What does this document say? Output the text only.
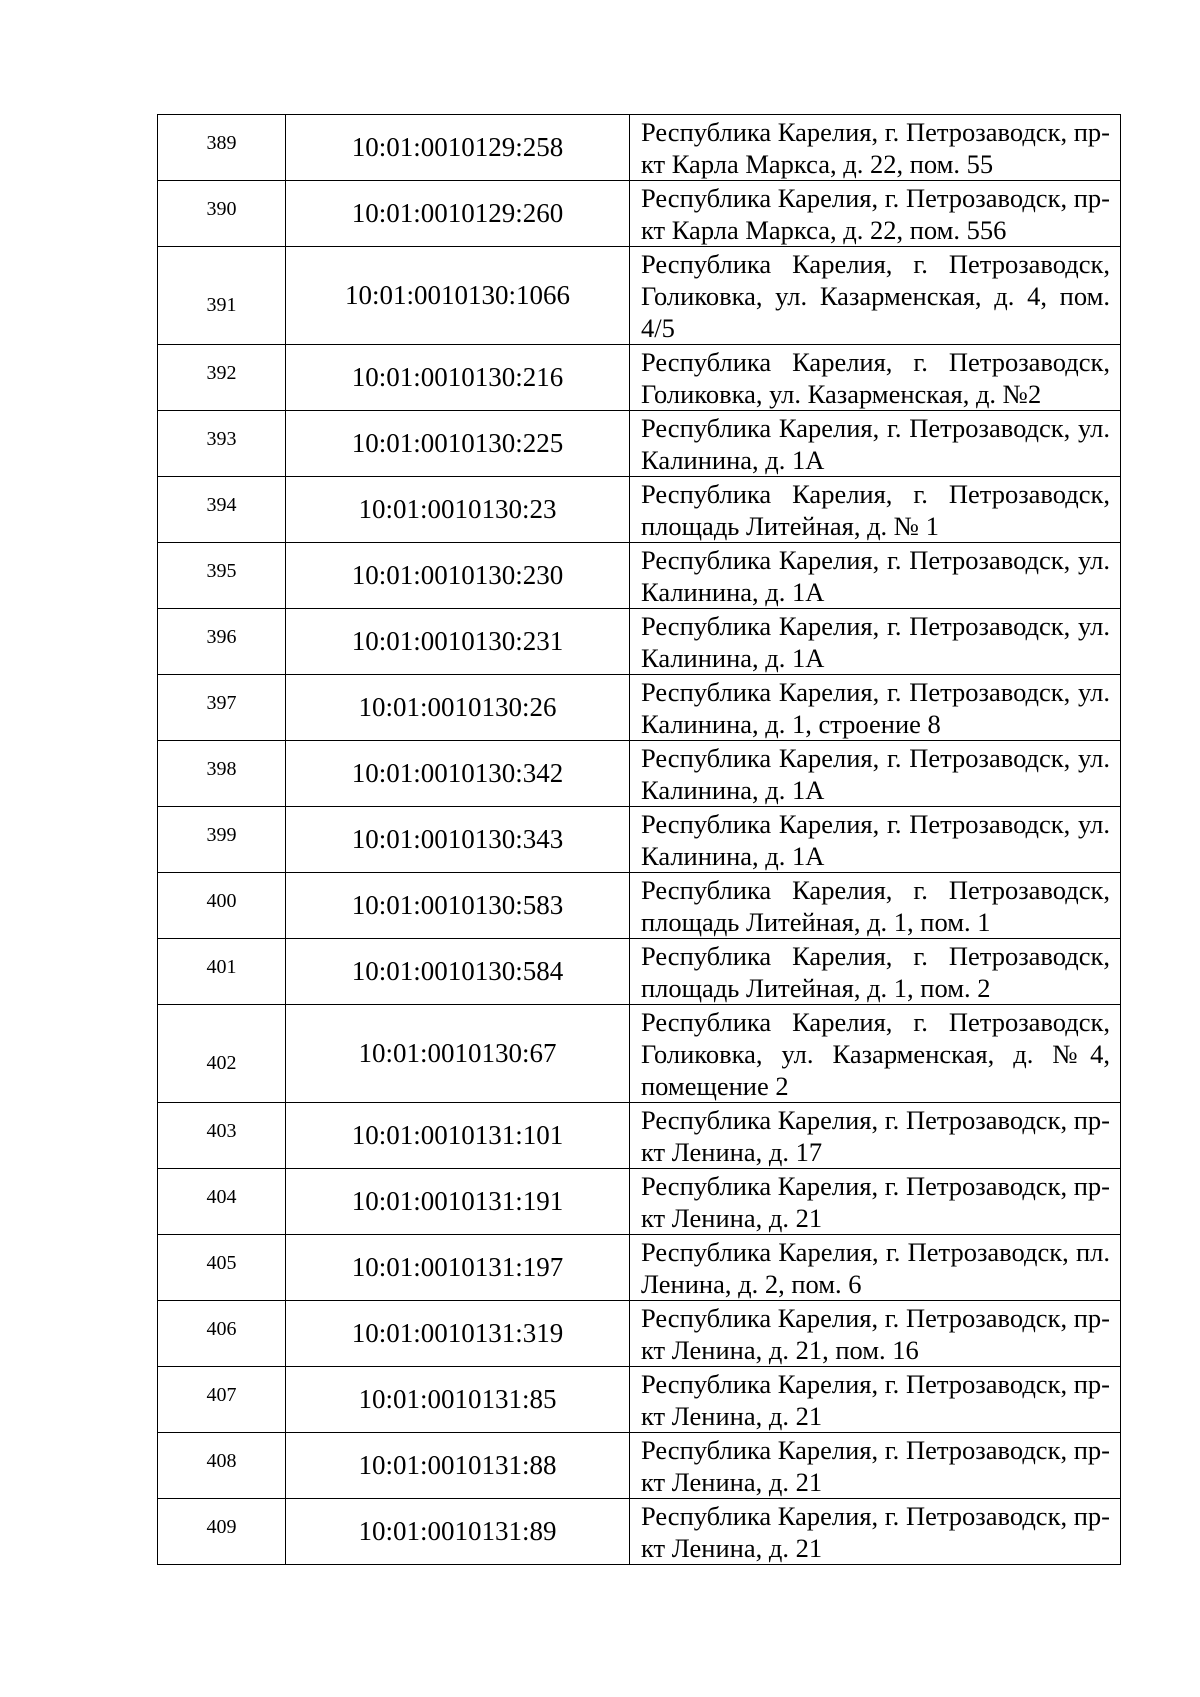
389	10:01:0010129:258	Республика Карелия, г. Петрозаводск, пр-кт Карла Маркса, д. 22, пом. 55
390	10:01:0010129:260	Республика Карелия, г. Петрозаводск, пр-кт Карла Маркса, д. 22, пом. 556
391	10:01:0010130:1066	Республика Карелия, г. Петрозаводск, Голиковка, ул. Казарменская, д. 4, пом. 4/5
392	10:01:0010130:216	Республика Карелия, г. Петрозаводск, Голиковка, ул. Казарменская, д. №2
393	10:01:0010130:225	Республика Карелия, г. Петрозаводск, ул. Калинина, д. 1А
394	10:01:0010130:23	Республика Карелия, г. Петрозаводск, площадь Литейная, д. № 1
395	10:01:0010130:230	Республика Карелия, г. Петрозаводск, ул. Калинина, д. 1А
396	10:01:0010130:231	Республика Карелия, г. Петрозаводск, ул. Калинина, д. 1А
397	10:01:0010130:26	Республика Карелия, г. Петрозаводск, ул. Калинина, д. 1, строение 8
398	10:01:0010130:342	Республика Карелия, г. Петрозаводск, ул. Калинина, д. 1А
399	10:01:0010130:343	Республика Карелия, г. Петрозаводск, ул. Калинина, д. 1А
400	10:01:0010130:583	Республика Карелия, г. Петрозаводск, площадь Литейная, д. 1, пом. 1
401	10:01:0010130:584	Республика Карелия, г. Петрозаводск, площадь Литейная, д. 1, пом. 2
402	10:01:0010130:67	Республика Карелия, г. Петрозаводск, Голиковка, ул. Казарменская, д. №4, помещение 2
403	10:01:0010131:101	Республика Карелия, г. Петрозаводск, пр-кт Ленина, д. 17
404	10:01:0010131:191	Республика Карелия, г. Петрозаводск, пр-кт Ленина, д. 21
405	10:01:0010131:197	Республика Карелия, г. Петрозаводск, пл. Ленина, д. 2, пом. 6
406	10:01:0010131:319	Республика Карелия, г. Петрозаводск, пр-кт Ленина, д. 21, пом. 16
407	10:01:0010131:85	Республика Карелия, г. Петрозаводск, пр-кт Ленина, д. 21
408	10:01:0010131:88	Республика Карелия, г. Петрозаводск, пр-кт Ленина, д. 21
409	10:01:0010131:89	Республика Карелия, г. Петрозаводск, пр-кт Ленина, д. 21
